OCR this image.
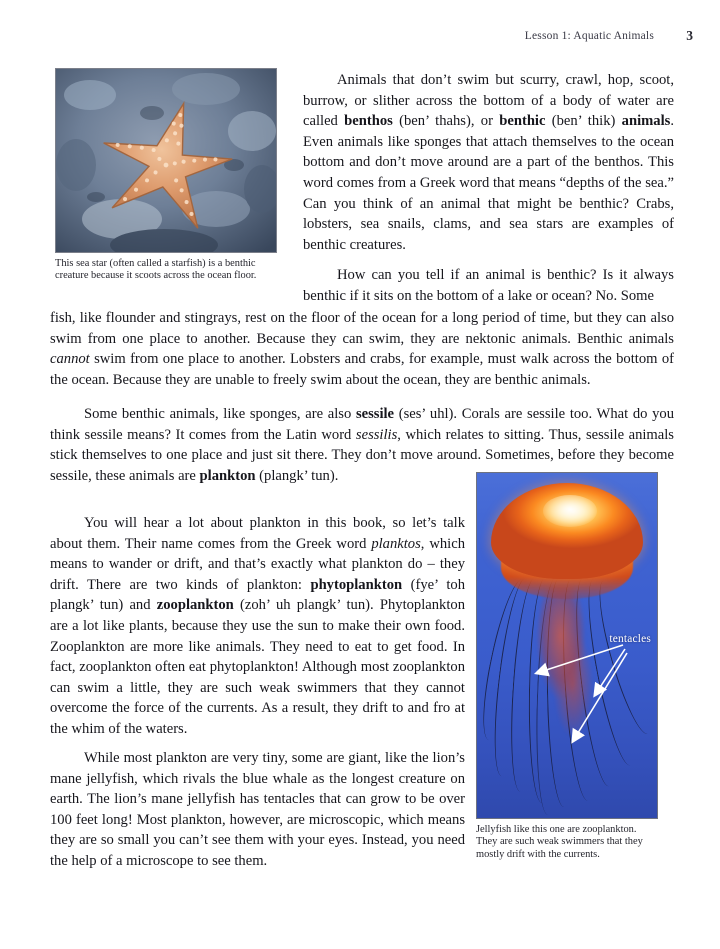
Lesson 1: Aquatic Animals 3
This sea star (often called a starfish) is a benthic creature because it scoots across the ocean floor.
Animals that don’t swim but scurry, crawl, hop, scoot, burrow, or slither across the bottom of a body of water are called benthos (ben’ thahs), or benthic (ben’ thik) animals. Even animals like sponges that attach themselves to the ocean bottom and don’t move around are a part of the benthos. This word comes from a Greek word that means “depths of the sea.” Can you think of an animal that might be benthic? Crabs, lobsters, sea snails, clams, and sea stars are examples of benthic creatures.
How can you tell if an animal is benthic? Is it always benthic if it sits on the bottom of a lake or ocean? No. Some
fish, like flounder and stingrays, rest on the floor of the ocean for a long period of time, but they can also swim from one place to another. Because they can swim, they are nektonic animals. Benthic animals cannot swim from one place to another. Lobsters and crabs, for example, must walk across the bottom of the ocean. Because they are unable to freely swim about the ocean, they are benthic animals.
Some benthic animals, like sponges, are also sessile (ses’ uhl). Corals are sessile too. What do you think sessile means? It comes from the Latin word sessilis, which relates to sitting. Thus, sessile animals stick themselves to one place and just sit there. They don’t move around. Sometimes, before they become sessile, these animals are plankton (plangk’ tun).
You will hear a lot about plankton in this book, so let’s talk about them. Their name comes from the Greek word planktos, which means to wander or drift, and that’s exactly what plankton do – they drift. There are two kinds of plankton: phytoplankton (fye’ toh plangk’ tun) and zooplankton (zoh’ uh plangk’ tun). Phytoplankton are a lot like plants, because they use the sun to make their own food. Zooplankton are more like animals. They need to eat to get food. In fact, zooplankton often eat phytoplankton! Although most zooplankton can swim a little, they are such weak swimmers that they cannot overcome the force of the currents. As a result, they drift to and fro at the whim of the waters.
While most plankton are very tiny, some are giant, like the lion’s mane jellyfish, which rivals the blue whale as the longest creature on earth. The lion’s mane jellyfish has tentacles that can grow to be over 100 feet long! Most plankton, however, are microscopic, which means they are so small you can’t see them with your eyes. Instead, you need the help of a microscope to see them.
tentacles
Jellyfish like this one are zooplankton. They are such weak swimmers that they mostly drift with the currents.
